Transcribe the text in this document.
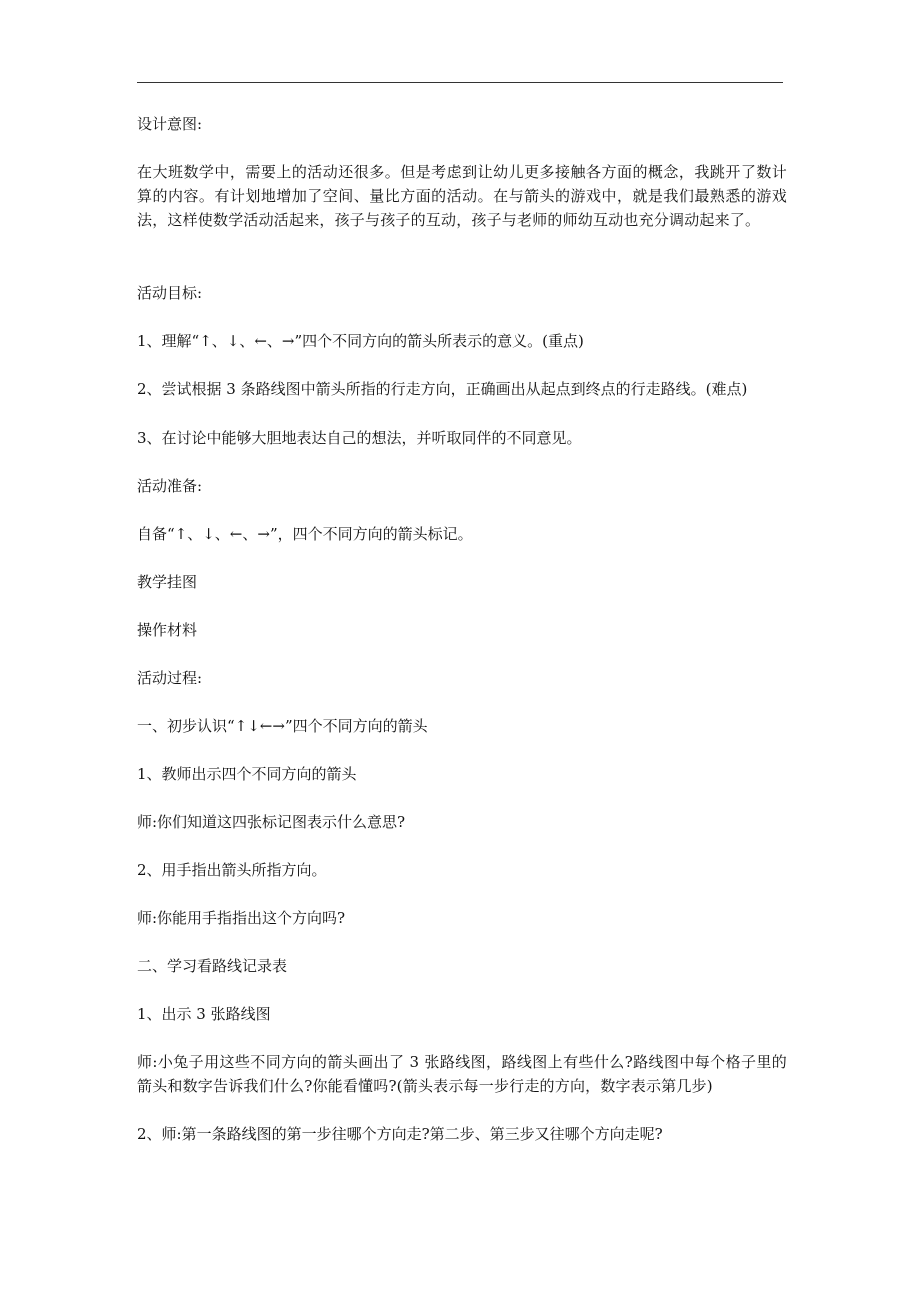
设计意图:

在大班数学中，需要上的活动还很多。但是考虑到让幼儿更多接触各方面的概念，我跳开了数计算的内容。有计划地增加了空间、量比方面的活动。在与箭头的游戏中，就是我们最熟悉的游戏法，这样使数学活动活起来，孩子与孩子的互动，孩子与老师的师幼互动也充分调动起来了。

活动目标:

1、理解“↑、↓、←、→”四个不同方向的箭头所表示的意义。(重点)

2、尝试根据 3 条路线图中箭头所指的行走方向，正确画出从起点到终点的行走路线。(难点)

3、在讨论中能够大胆地表达自己的想法，并听取同伴的不同意见。

活动准备:

自备“↑、↓、←、→”，四个不同方向的箭头标记。

教学挂图

操作材料

活动过程:

一、初步认识“↑↓←→”四个不同方向的箭头

1、教师出示四个不同方向的箭头

师:你们知道这四张标记图表示什么意思?

2、用手指出箭头所指方向。

师:你能用手指指出这个方向吗?

二、学习看路线记录表

1、出示 3 张路线图

师:小兔子用这些不同方向的箭头画出了 3 张路线图，路线图上有些什么?路线图中每个格子里的箭头和数字告诉我们什么?你能看懂吗?(箭头表示每一步行走的方向，数字表示第几步)

2、师:第一条路线图的第一步往哪个方向走?第二步、第三步又往哪个方向走呢?
